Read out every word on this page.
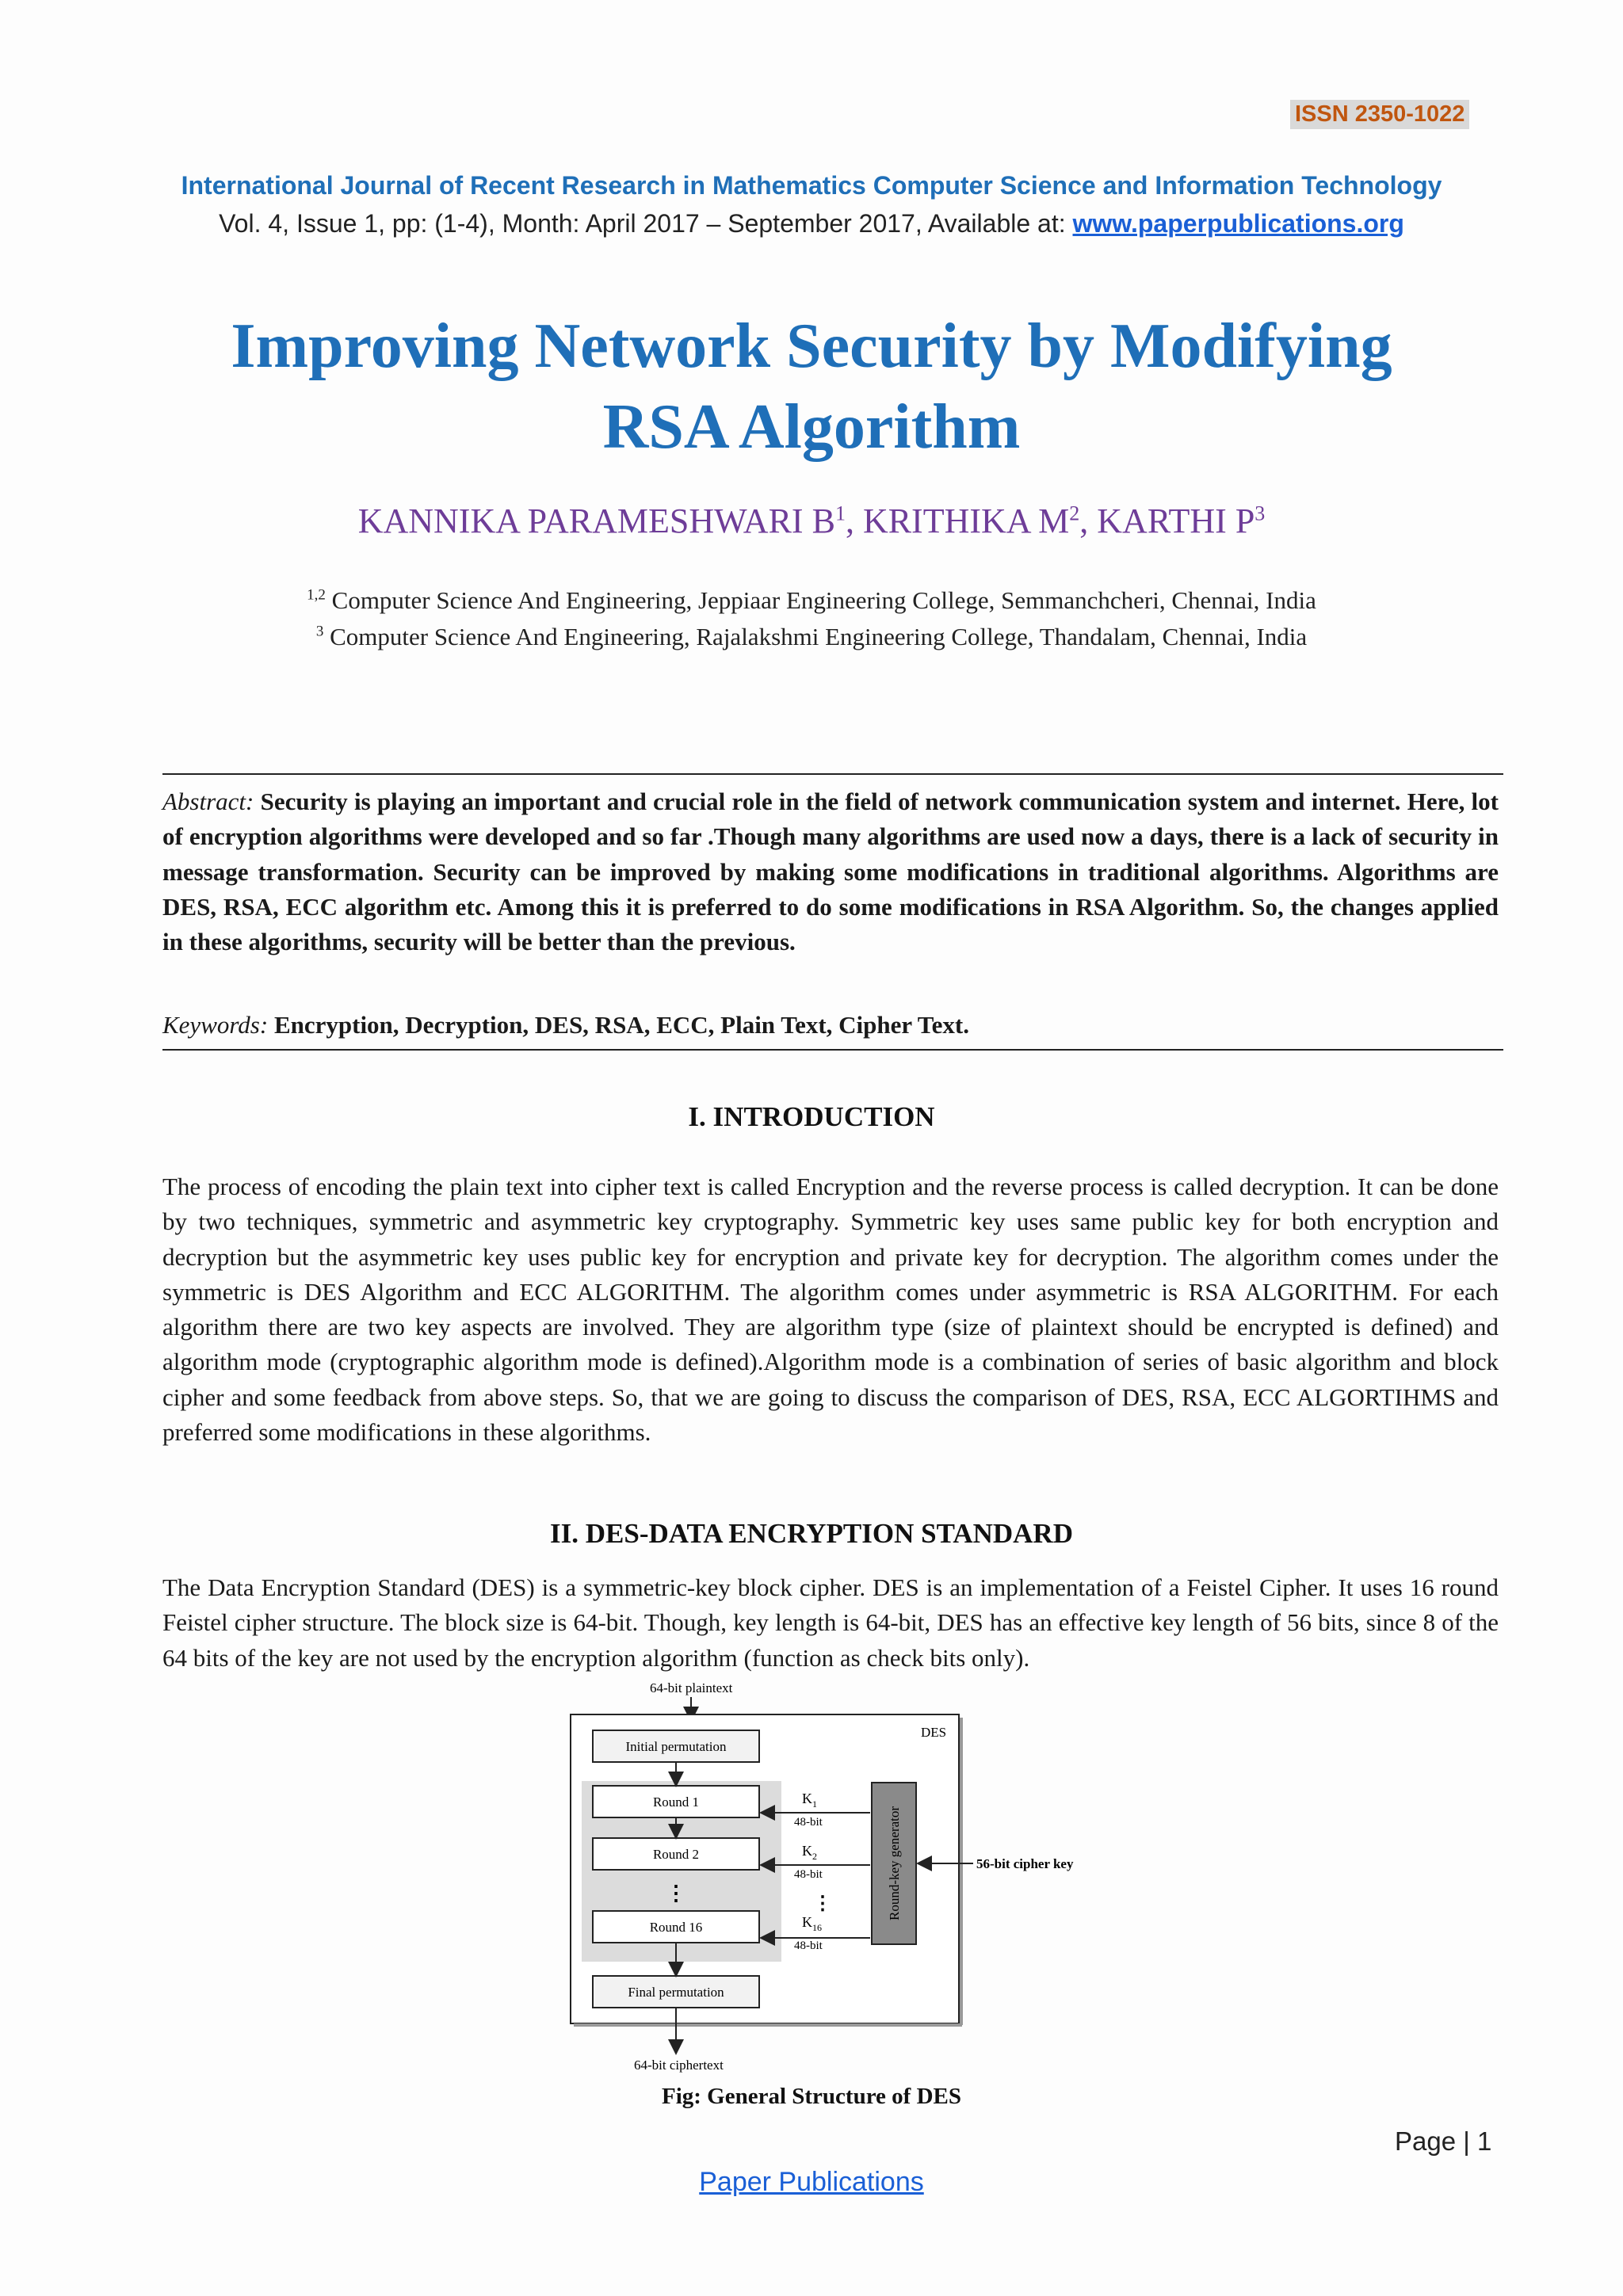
ISSN 2350-1022
International Journal of Recent Research in Mathematics Computer Science and Information Technology
Vol. 4, Issue 1, pp: (1-4), Month: April 2017 – September 2017, Available at: www.paperpublications.org
Improving Network Security by Modifying
RSA Algorithm
KANNIKA PARAMESHWARI $B^1$, KRITHIKA $M^2$, KARTHI $P^3$
$^{1,2}$ Computer Science And Engineering, Jeppiaar Engineering College, Semmanchcheri, Chennai, India
$^3$ Computer Science And Engineering, Rajalakshmi Engineering College, Thandalam, Chennai, India
Abstract: Security is playing an important and crucial role in the field of network communication system and internet. Here, lot of encryption algorithms were developed and so far .Though many algorithms are used now a days, there is a lack of security in message transformation. Security can be improved by making some modifications in traditional algorithms. Algorithms are DES, RSA, ECC algorithm etc. Among this it is preferred to do some modifications in RSA Algorithm. So, the changes applied in these algorithms, security will be better than the previous.
Keywords: Encryption, Decryption, DES, RSA, ECC, Plain Text, Cipher Text.
I. INTRODUCTION
The process of encoding the plain text into cipher text is called Encryption and the reverse process is called decryption. It can be done by two techniques, symmetric and asymmetric key cryptography. Symmetric key uses same public key for both encryption and decryption but the asymmetric key uses public key for encryption and private key for decryption. The algorithm comes under the symmetric is DES Algorithm and ECC ALGORITHM. The algorithm comes under asymmetric is RSA ALGORITHM. For each algorithm there are two key aspects are involved. They are algorithm type (size of plaintext should be encrypted is defined) and algorithm mode (cryptographic algorithm mode is defined).Algorithm mode is a combination of series of basic algorithm and block cipher and some feedback from above steps. So, that we are going to discuss the comparison of DES, RSA, ECC ALGORTIHMS and preferred some modifications in these algorithms.
II. DES-DATA ENCRYPTION STANDARD
The Data Encryption Standard (DES) is a symmetric-key block cipher. DES is an implementation of a Feistel Cipher. It uses 16 round Feistel cipher structure. The block size is 64-bit. Though, key length is 64-bit, DES has an effective key length of 56 bits, since 8 of the 64 bits of the key are not used by the encryption algorithm (function as check bits only).
64-bit plaintext
DES
Initial permutation
Round 1
Round 2
⋮
Round 16
Final permutation
Round-key generator
$K_1$
48-bit
$K_2$
48-bit
⋮
$K_{16}$
48-bit
56-bit cipher key
64-bit ciphertext
Fig: General Structure of DES
Page | 1
Paper Publications
